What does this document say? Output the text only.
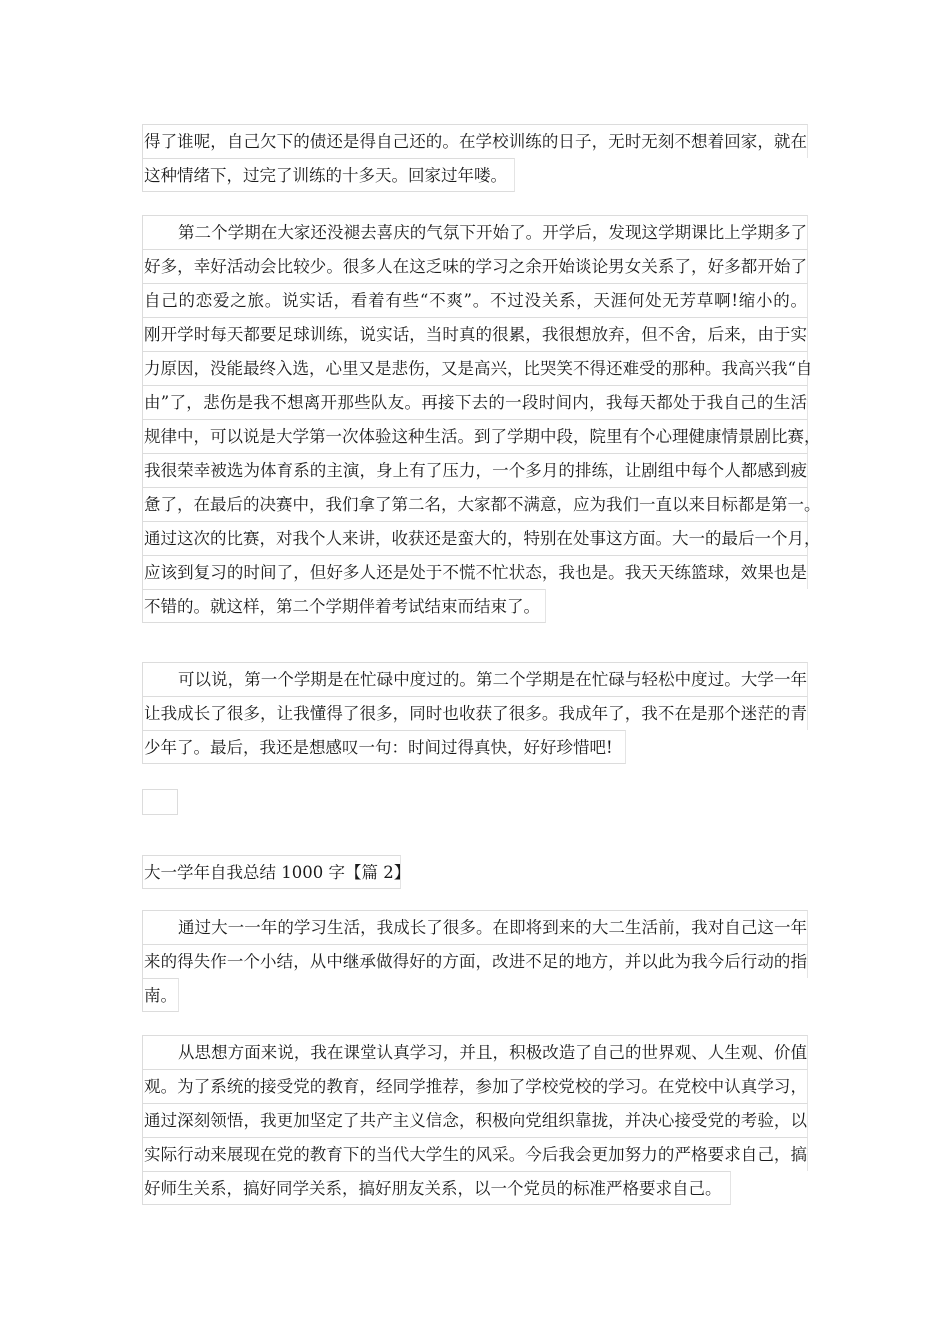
得了谁呢，自己欠下的债还是得自己还的。在学校训练的日子，无时无刻不想着回家，就在
这种情绪下，过完了训练的十多天。回家过年喽。
第二个学期在大家还没褪去喜庆的气氛下开始了。开学后，发现这学期课比上学期多了
好多，幸好活动会比较少。很多人在这乏味的学习之余开始谈论男女关系了，好多都开始了
自己的恋爱之旅。说实话，看着有些“不爽”。不过没关系，天涯何处无芳草啊!缩小的。
刚开学时每天都要足球训练，说实话，当时真的很累，我很想放弃，但不舍，后来，由于实
力原因，没能最终入选，心里又是悲伤，又是高兴，比哭笑不得还难受的那种。我高兴我“自
由”了，悲伤是我不想离开那些队友。再接下去的一段时间内，我每天都处于我自己的生活
规律中，可以说是大学第一次体验这种生活。到了学期中段，院里有个心理健康情景剧比赛，
我很荣幸被选为体育系的主演，身上有了压力，一个多月的排练，让剧组中每个人都感到疲
惫了，在最后的决赛中，我们拿了第二名，大家都不满意，应为我们一直以来目标都是第一。
通过这次的比赛，对我个人来讲，收获还是蛮大的，特别在处事这方面。大一的最后一个月，
应该到复习的时间了，但好多人还是处于不慌不忙状态，我也是。我天天练篮球，效果也是
不错的。就这样，第二个学期伴着考试结束而结束了。
可以说，第一个学期是在忙碌中度过的。第二个学期是在忙碌与轻松中度过。大学一年
让我成长了很多，让我懂得了很多，同时也收获了很多。我成年了，我不在是那个迷茫的青
少年了。最后，我还是想感叹一句：时间过得真快，好好珍惜吧!
大一学年自我总结 1000 字【篇 2】
通过大一一年的学习生活，我成长了很多。在即将到来的大二生活前，我对自己这一年
来的得失作一个小结，从中继承做得好的方面，改进不足的地方，并以此为我今后行动的指
南。
从思想方面来说，我在课堂认真学习，并且，积极改造了自己的世界观、人生观、价值
观。为了系统的接受党的教育，经同学推荐，参加了学校党校的学习。在党校中认真学习，
通过深刻领悟，我更加坚定了共产主义信念，积极向党组织靠拢，并决心接受党的考验，以
实际行动来展现在党的教育下的当代大学生的风采。今后我会更加努力的严格要求自己，搞
好师生关系，搞好同学关系，搞好朋友关系，以一个党员的标准严格要求自己。
